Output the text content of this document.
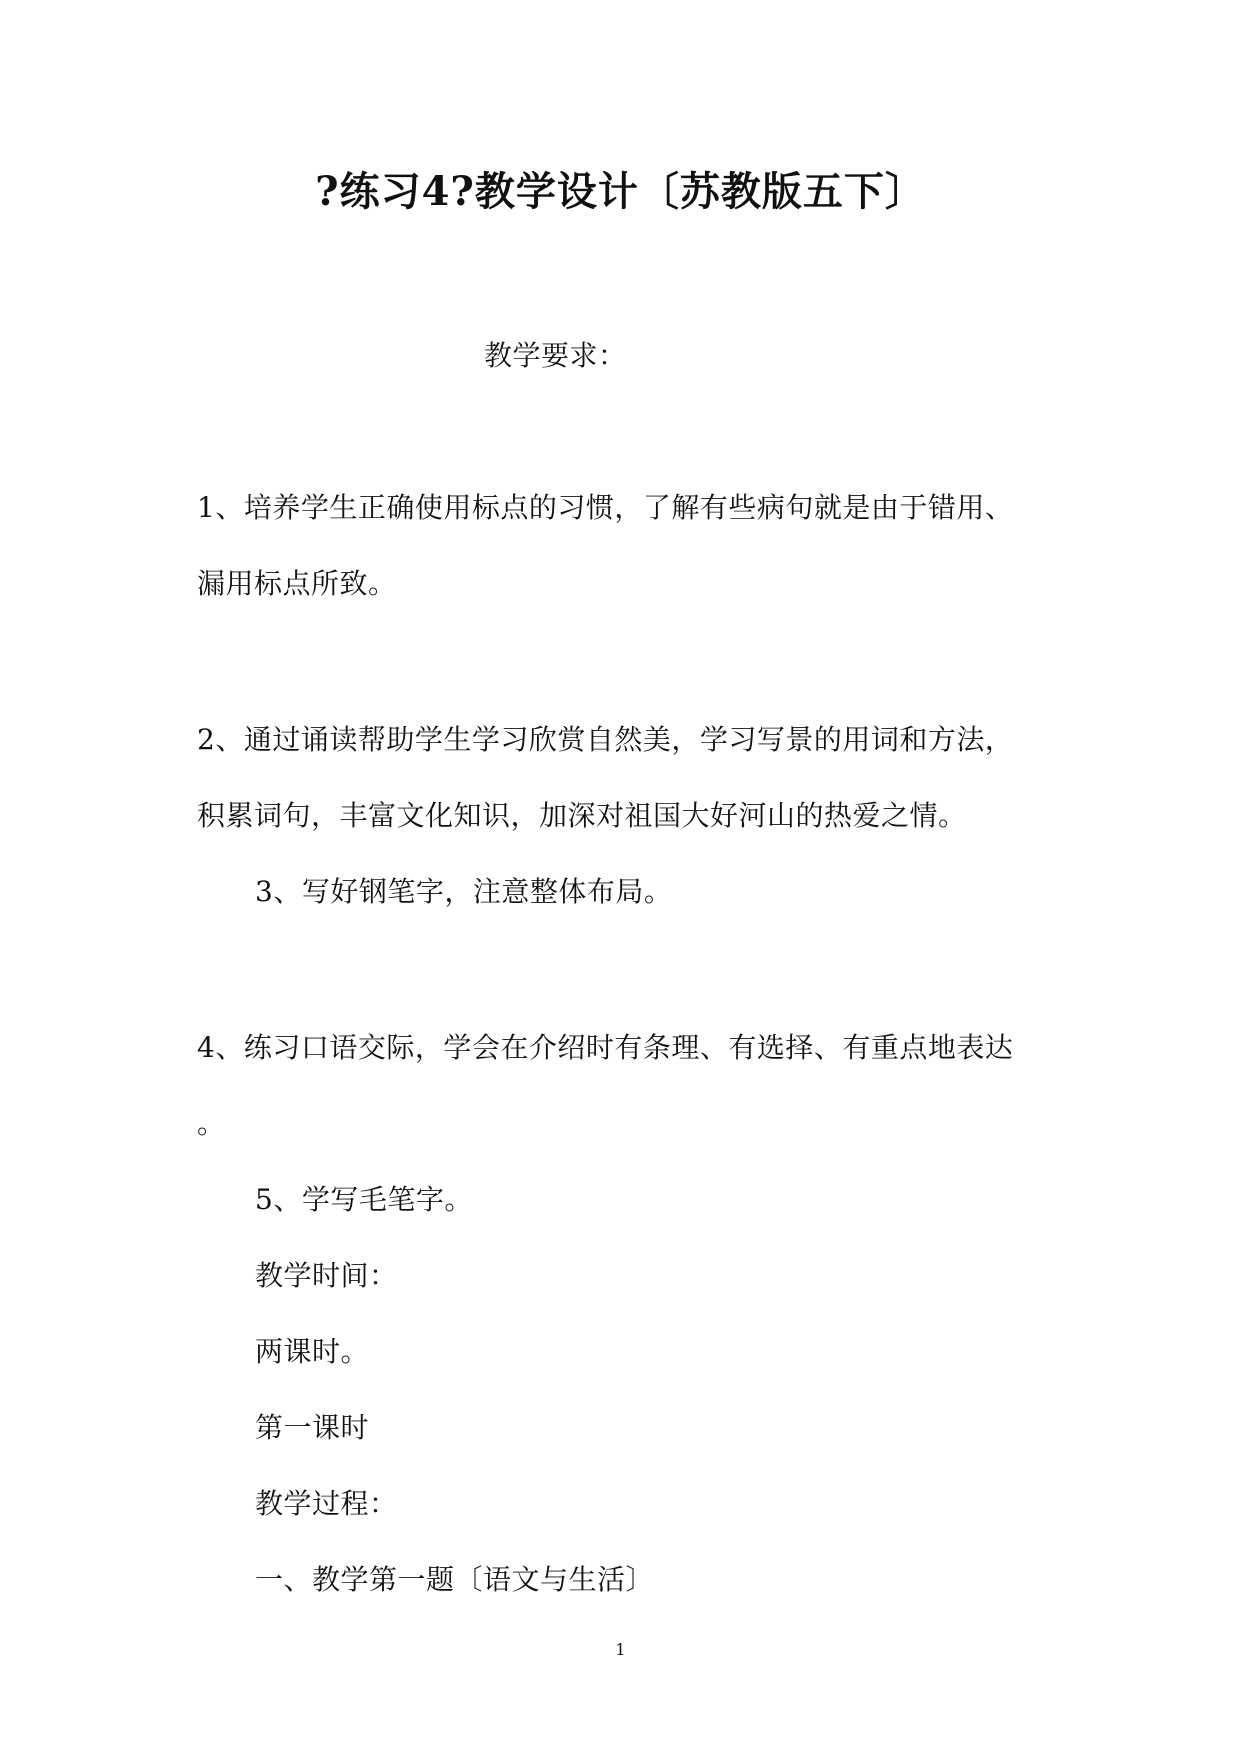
?练习4?教学设计〔苏教版五下〕
教学要求：
1、培养学生正确使用标点的习惯，了解有些病句就是由于错用、
漏用标点所致。
2、通过诵读帮助学生学习欣赏自然美，学习写景的用词和方法，
积累词句，丰富文化知识，加深对祖国大好河山的热爱之情。
3、写好钢笔字，注意整体布局。
4、练习口语交际，学会在介绍时有条理、有选择、有重点地表达
。
5、学写毛笔字。
教学时间：
两课时。
第一课时
教学过程：
一、教学第一题〔语文与生活〕
1
